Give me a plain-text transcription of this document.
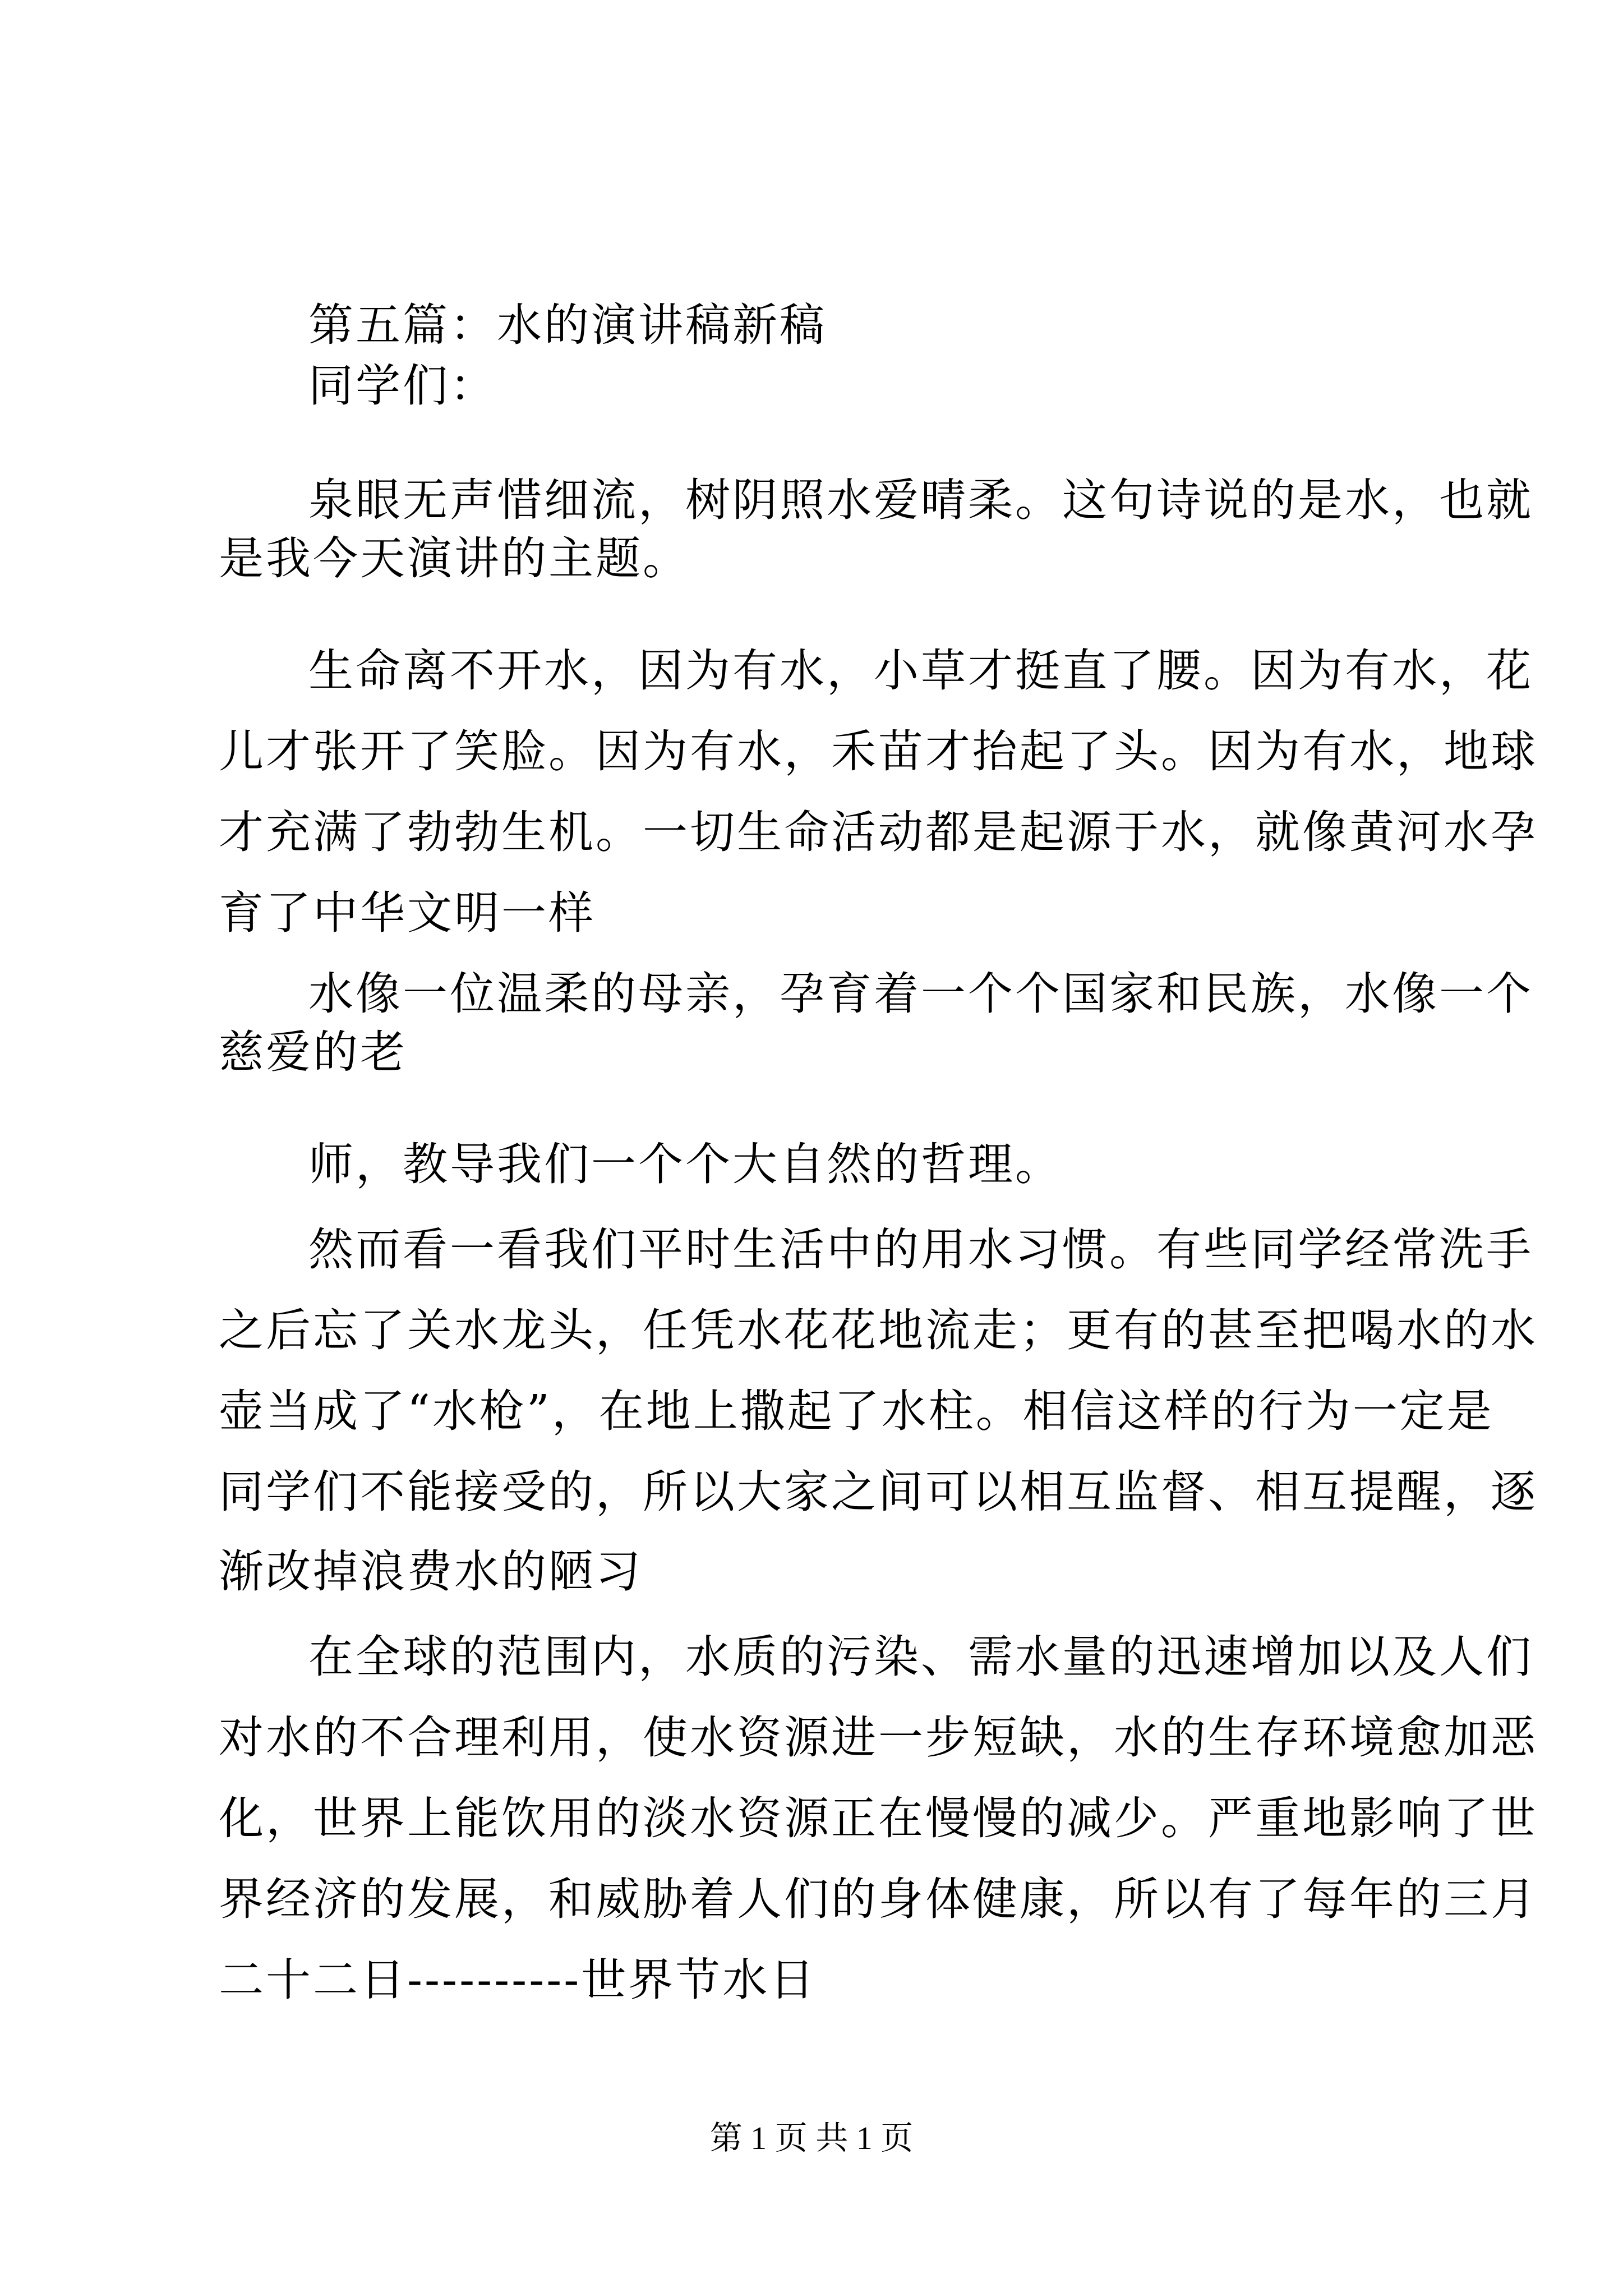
第五篇：水的演讲稿新稿
同学们：
泉眼无声惜细流，树阴照水爱晴柔。这句诗说的是水，也就
是我今天演讲的主题。
生命离不开水，因为有水，小草才挺直了腰。因为有水，花
儿才张开了笑脸。因为有水，禾苗才抬起了头。因为有水，地球
才充满了勃勃生机。一切生命活动都是起源于水，就像黄河水孕
育了中华文明一样
水像一位温柔的母亲，孕育着一个个国家和民族，水像一个
慈爱的老
师，教导我们一个个大自然的哲理。
然而看一看我们平时生活中的用水习惯。有些同学经常洗手
之后忘了关水龙头，任凭水花花地流走；更有的甚至把喝水的水
壶当成了“水枪”，在地上撒起了水柱。相信这样的行为一定是
同学们不能接受的，所以大家之间可以相互监督、相互提醒，逐
渐改掉浪费水的陋习
在全球的范围内，水质的污染、需水量的迅速增加以及人们
对水的不合理利用，使水资源进一步短缺，水的生存环境愈加恶
化，世界上能饮用的淡水资源正在慢慢的减少。严重地影响了世
界经济的发展，和威胁着人们的身体健康，所以有了每年的三月
二十二日----------世界节水日
第 1 页 共 1 页
